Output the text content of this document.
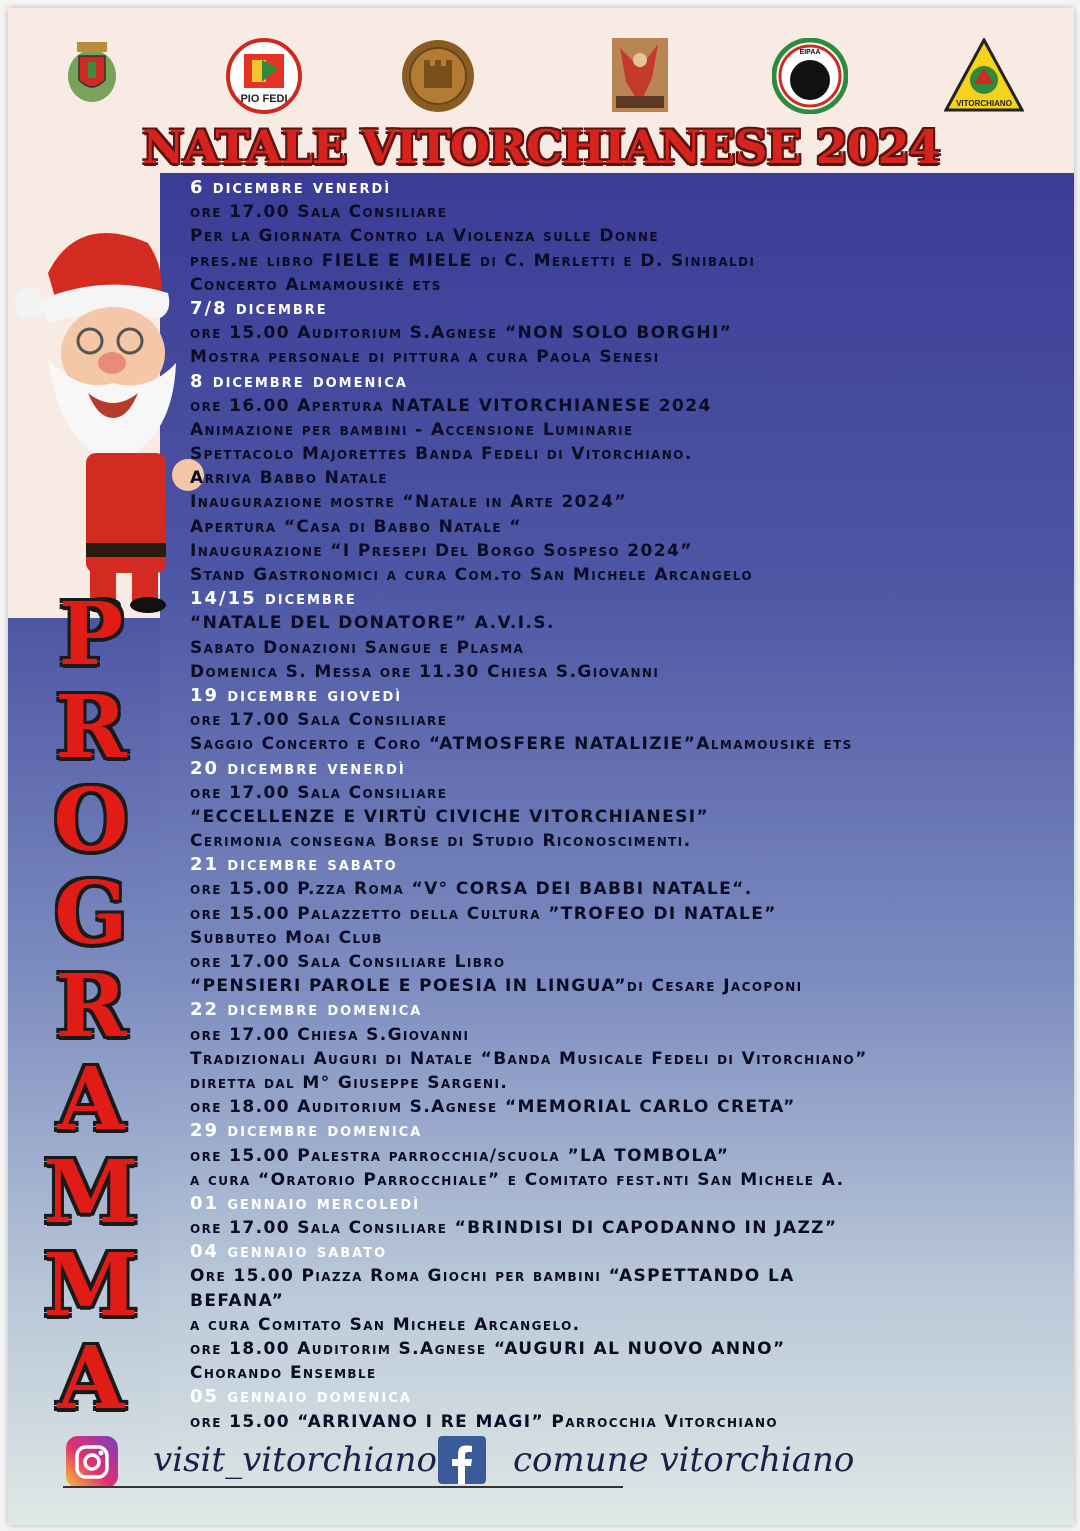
PIO FEDI
EIPAA
VITORCHIANO
NATALE VITORCHIANESE 2024
P
R
O
G
R
A
M
M
A
6 dicembre venerdì
ore 17.00 Sala Consiliare
Per la Giornata Contro la Violenza sulle Donne
pres.ne libro FIELE E MIELE di C. Merletti e D. Sinibaldi
Concerto Almamousikè ets
7/8 dicembre
ore 15.00 Auditorium S.Agnese “NON SOLO BORGHI”
Mostra personale di pittura a cura Paola Senesi
8 dicembre domenica
ore 16.00 Apertura NATALE VITORCHIANESE 2024
Animazione per bambini - Accensione Luminarie
Spettacolo Majorettes Banda Fedeli di Vitorchiano.
Arriva Babbo Natale
Inaugurazione mostre “Natale in Arte 2024”
Apertura “Casa di Babbo Natale “
Inaugurazione “I Presepi Del Borgo Sospeso 2024”
Stand Gastronomici a cura Com.to San Michele Arcangelo
14/15 dicembre
“NATALE DEL DONATORE” A.V.I.S.
Sabato Donazioni Sangue e Plasma
Domenica S. Messa ore 11.30 Chiesa S.Giovanni
19 dicembre giovedì
ore 17.00 Sala Consiliare
Saggio Concerto e Coro “ATMOSFERE NATALIZIE”Almamousikè ets
20 dicembre venerdì
ore 17.00 Sala Consiliare
“ECCELLENZE E VIRTÙ CIVICHE VITORCHIANESI”
Cerimonia consegna Borse di Studio Riconoscimenti.
21 dicembre sabato
ore 15.00 P.zza Roma “V° CORSA DEI BABBI NATALE“.
ore 15.00 Palazzetto della Cultura ”TROFEO DI NATALE”
Subbuteo Moai Club
ore 17.00 Sala Consiliare Libro
“PENSIERI PAROLE E POESIA IN LINGUA”di Cesare Jacoponi
22 dicembre domenica
ore 17.00 Chiesa S.Giovanni
Tradizionali Auguri di Natale “Banda Musicale Fedeli di Vitorchiano”
diretta dal M° Giuseppe Sargeni.
ore 18.00 Auditorium S.Agnese “MEMORIAL CARLO CRETA”
29 dicembre domenica
ore 15.00 Palestra parrocchia/scuola ”LA TOMBOLA”
a cura “Oratorio Parrocchiale” e Comitato fest.nti San Michele A.
01 gennaio mercoledì
ore 17.00 Sala Consiliare “BRINDISI DI CAPODANNO IN JAZZ”
04 gennaio sabato
Ore 15.00 Piazza Roma Giochi per bambini “ASPETTANDO LA
BEFANA”
a cura Comitato San Michele Arcangelo.
ore 18.00 Auditorim S.Agnese “AUGURI AL NUOVO ANNO”
Chorando Ensemble
05 gennaio domenica
ore 15.00 “ARRIVANO I RE MAGI” Parrocchia Vitorchiano
visit_vitorchiano comune vitorchiano
